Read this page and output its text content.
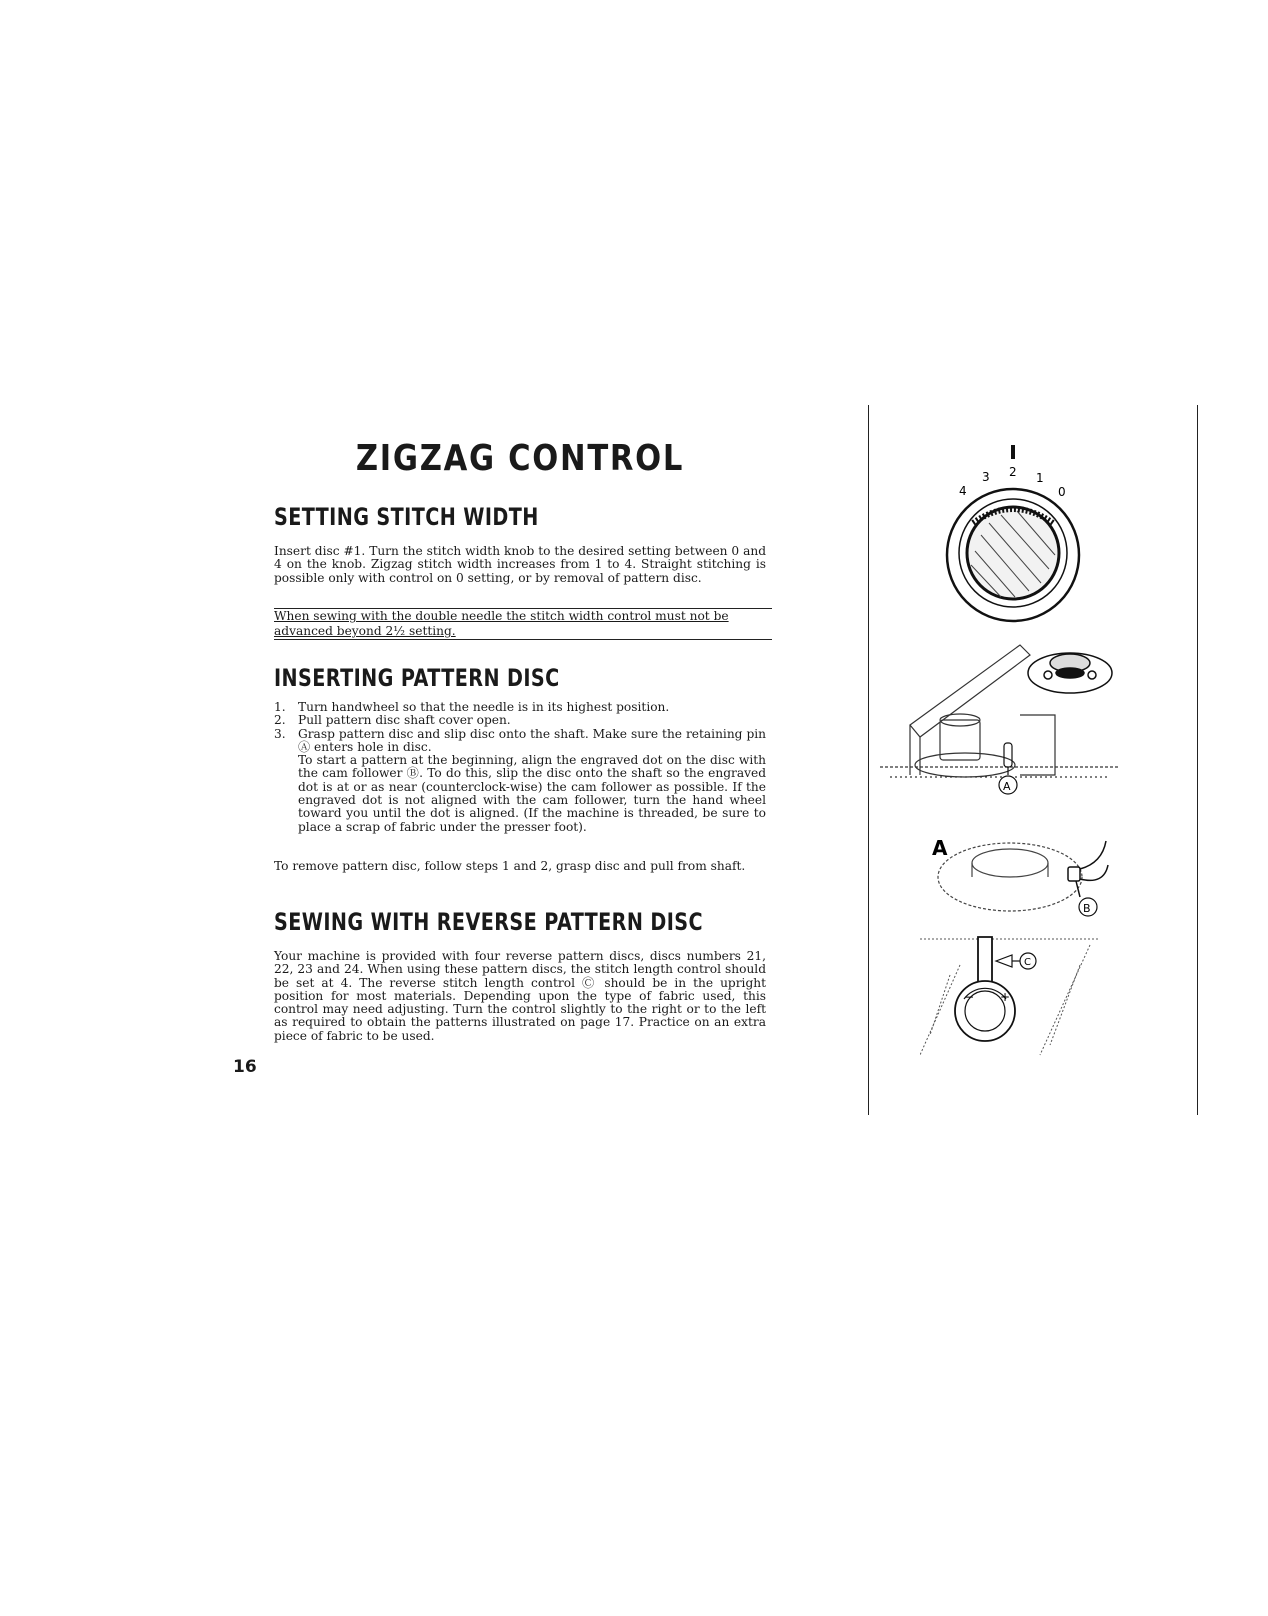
ZIGZAG CONTROL
SETTING STITCH WIDTH

Insert disc #1. Turn the stitch width knob to the desired setting between 0 and 4 on the knob. Zigzag stitch width increases from 1 to 4. Straight stitching is possible only with control on 0 setting, or by removal of pattern disc.

When sewing with the double needle the stitch width control must not be advanced beyond 2½ setting.

INSERTING PATTERN DISC
1. Turn handwheel so that the needle is in its highest position.

2. Pull pattern disc shaft cover open.

3. Grasp pattern disc and slip disc onto the shaft. Make sure the retaining pin Ⓐ enters hole in disc.

To start a pattern at the beginning, align the engraved dot on the disc with the cam follower Ⓑ. To do this, slip the disc onto the shaft so the engraved dot is at or as near (counterclock-wise) the cam follower as possible. If the engraved dot is not aligned with the cam follower, turn the hand wheel toward you until the dot is aligned. (If the machine is threaded, be sure to place a scrap of fabric under the presser foot).

To remove pattern disc, follow steps 1 and 2, grasp disc and pull from shaft.

SEWING WITH REVERSE PATTERN DISC

Your machine is provided with four reverse pattern discs, discs numbers 21, 22, 23 and 24. When using these pattern discs, the stitch length control should be set at 4. The reverse stitch length control Ⓒ should be in the upright position for most materials. Depending upon the type of fabric used, this control may need adjusting. Turn the control slightly to the right or to the left as required to obtain the patterns illustrated on page 17. Practice on an extra piece of fabric to be used.

16
4
3 2 1
0
A
A
B
− +
C
